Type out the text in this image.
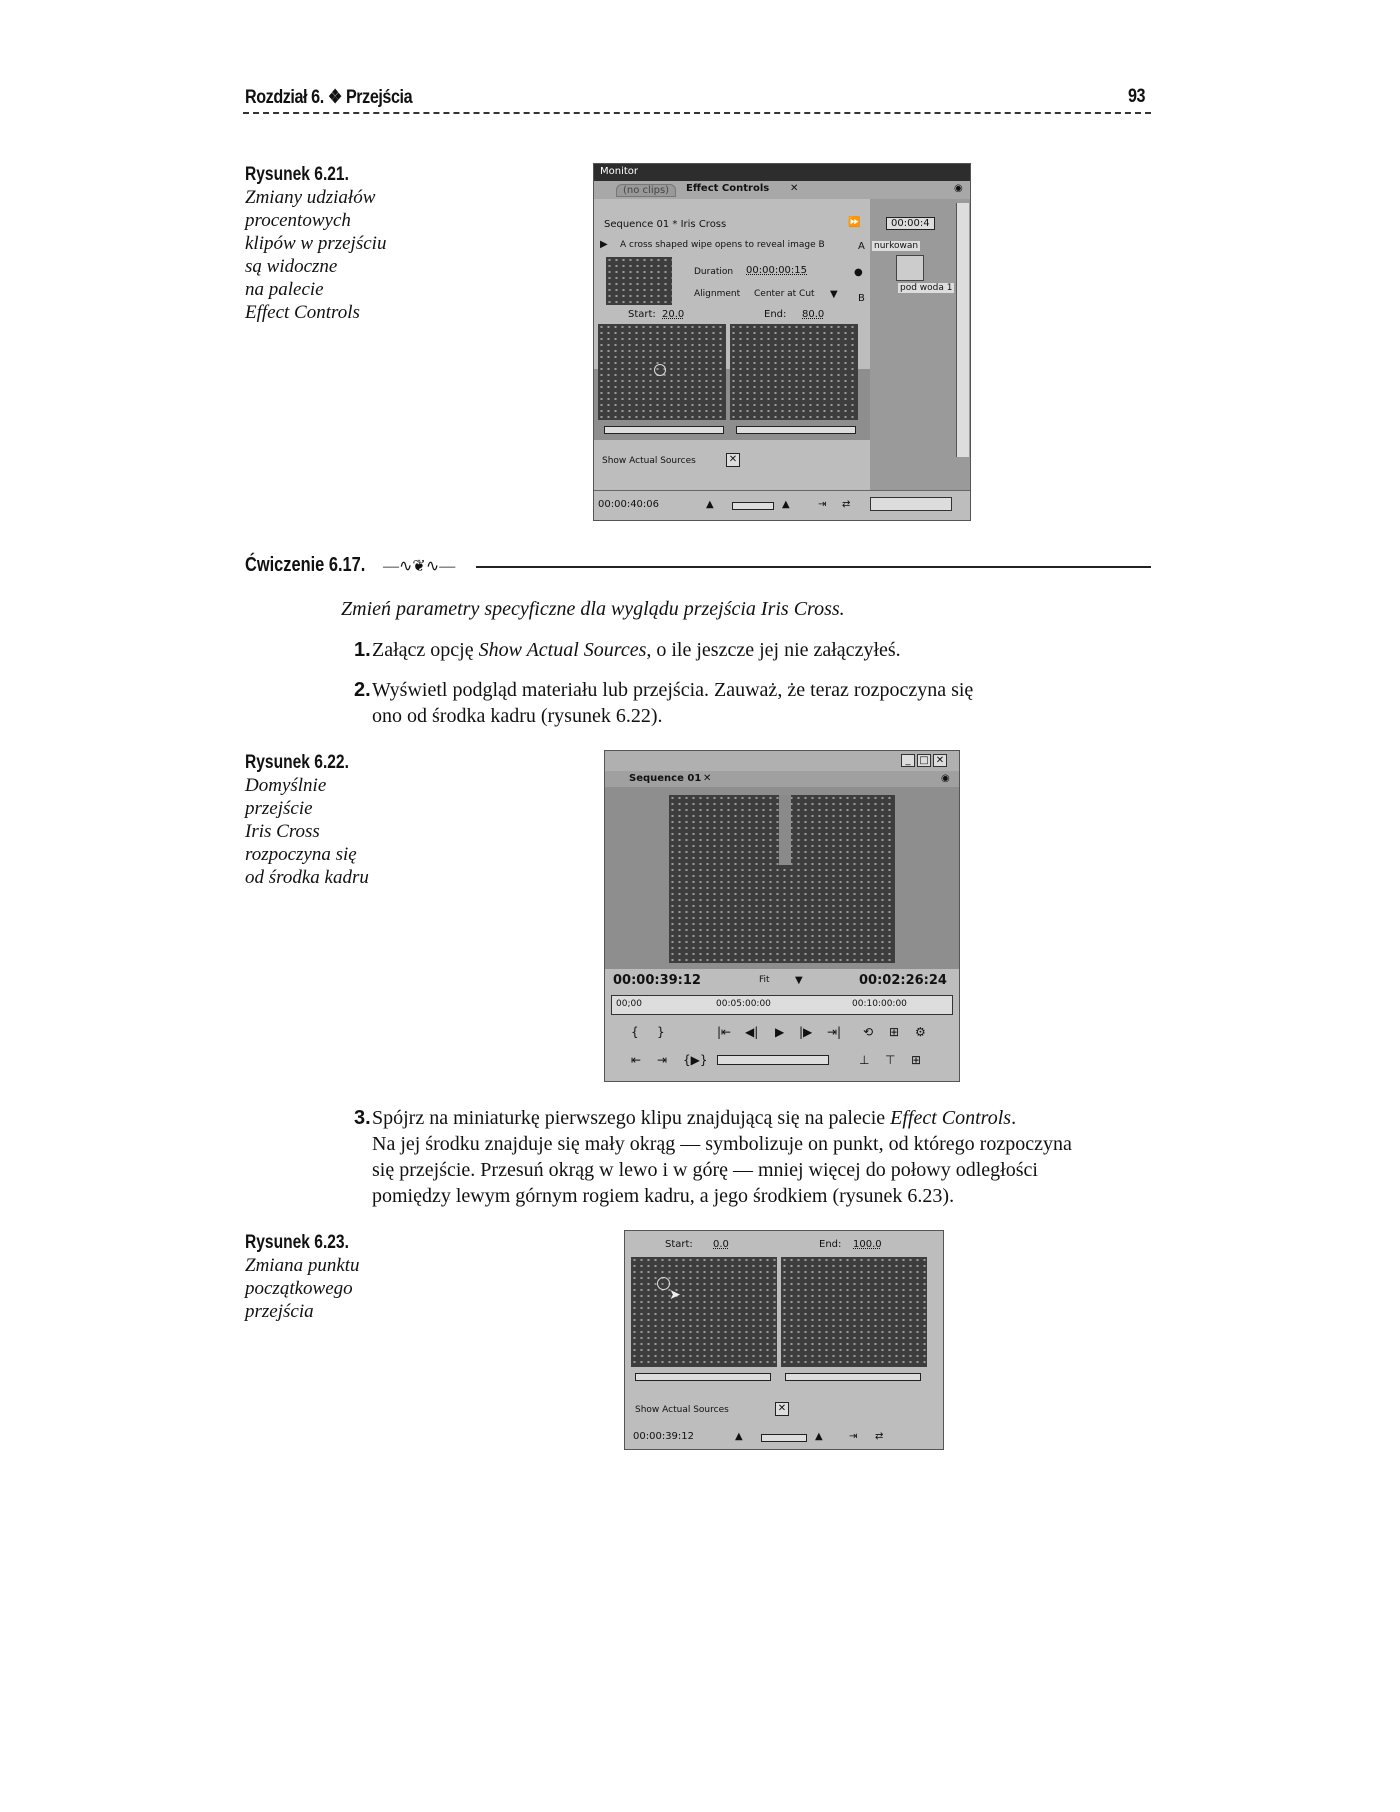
Rozdział 6. ❖ Przejścia	93
Rysunek 6.21.
Zmiany udziałów
procentowych
klipów w przejściu
są widoczne
na palecie
Effect Controls
Monitor
(no clips)	Effect Controls ✕	◉
Sequence 01 * Iris Cross	⏩
▶ A cross shaped wipe opens to reveal image B	A
Duration 00:00:00:15	●
Alignment Center at Cut ▼ B
Start: 20.0	End: 80.0
Show Actual Sources	✕
00:00:4
nurkowan
pod woda 1
00:00:40:06	▲	▲	⇥ ⇄
Ćwiczenie 6.17. —∿❦∿—
Zmień parametry specyficzne dla wyglądu przejścia Iris Cross.
1.Załącz opcję Show Actual Sources, o ile jeszcze jej nie załączyłeś.
2.Wyświetl podgląd materiału lub przejścia. Zauważ, że teraz rozpoczyna się
ono od środka kadru (rysunek 6.22).
Rysunek 6.22.
Domyślnie
przejście
Iris Cross
rozpoczyna się
od środka kadru
_ □ ✕
Sequence 01 ✕	◉
00:00:39:12	Fit	▼	00:02:26:24
00;00	00:05:00:00	00:10:00:00
{ }	|⇤ ◀| ▶ |▶ ⇥| ⟲ ⊞ ⚙
⇤ ⇥ {▶}	⊥ ⊤ ⊞
3.Spójrz na miniaturkę pierwszego klipu znajdującą się na palecie Effect Controls.
Na jej środku znajduje się mały okrąg — symbolizuje on punkt, od którego rozpoczyna
się przejście. Przesuń okrąg w lewo i w górę — mniej więcej do połowy odległości
pomiędzy lewym górnym rogiem kadru, a jego środkiem (rysunek 6.23).
Rysunek 6.23.
Zmiana punktu
początkowego
przejścia
Start: 0.0	End: 100.0
➤
Show Actual Sources	✕
00:00:39:12	▲	▲	⇥ ⇄
